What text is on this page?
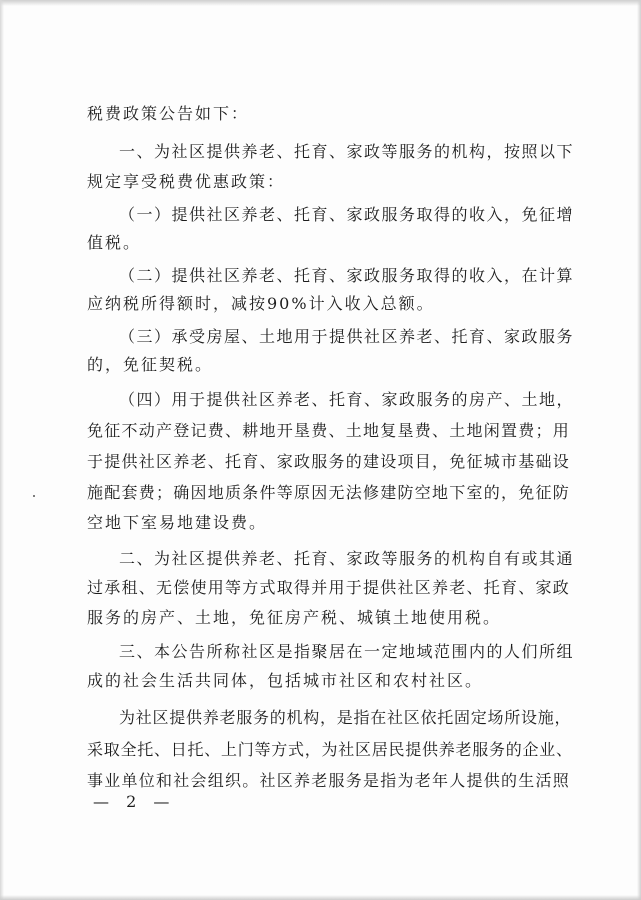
税费政策公告如下：
一、为社区提供养老、托育、家政等服务的机构，按照以下
规定享受税费优惠政策：
（一）提供社区养老、托育、家政服务取得的收入，免征增
值税。
（二）提供社区养老、托育、家政服务取得的收入，在计算
应纳税所得额时，减按90%计入收入总额。
（三）承受房屋、土地用于提供社区养老、托育、家政服务
的，免征契税。
（四）用于提供社区养老、托育、家政服务的房产、土地，
免征不动产登记费、耕地开垦费、土地复垦费、土地闲置费；用
于提供社区养老、托育、家政服务的建设项目，免征城市基础设
施配套费；确因地质条件等原因无法修建防空地下室的，免征防
空地下室易地建设费。
二、为社区提供养老、托育、家政等服务的机构自有或其通
过承租、无偿使用等方式取得并用于提供社区养老、托育、家政
服务的房产、土地，免征房产税、城镇土地使用税。
三、本公告所称社区是指聚居在一定地域范围内的人们所组
成的社会生活共同体，包括城市社区和农村社区。
为社区提供养老服务的机构，是指在社区依托固定场所设施，
采取全托、日托、上门等方式，为社区居民提供养老服务的企业、
事业单位和社会组织。社区养老服务是指为老年人提供的生活照
— 2 —
